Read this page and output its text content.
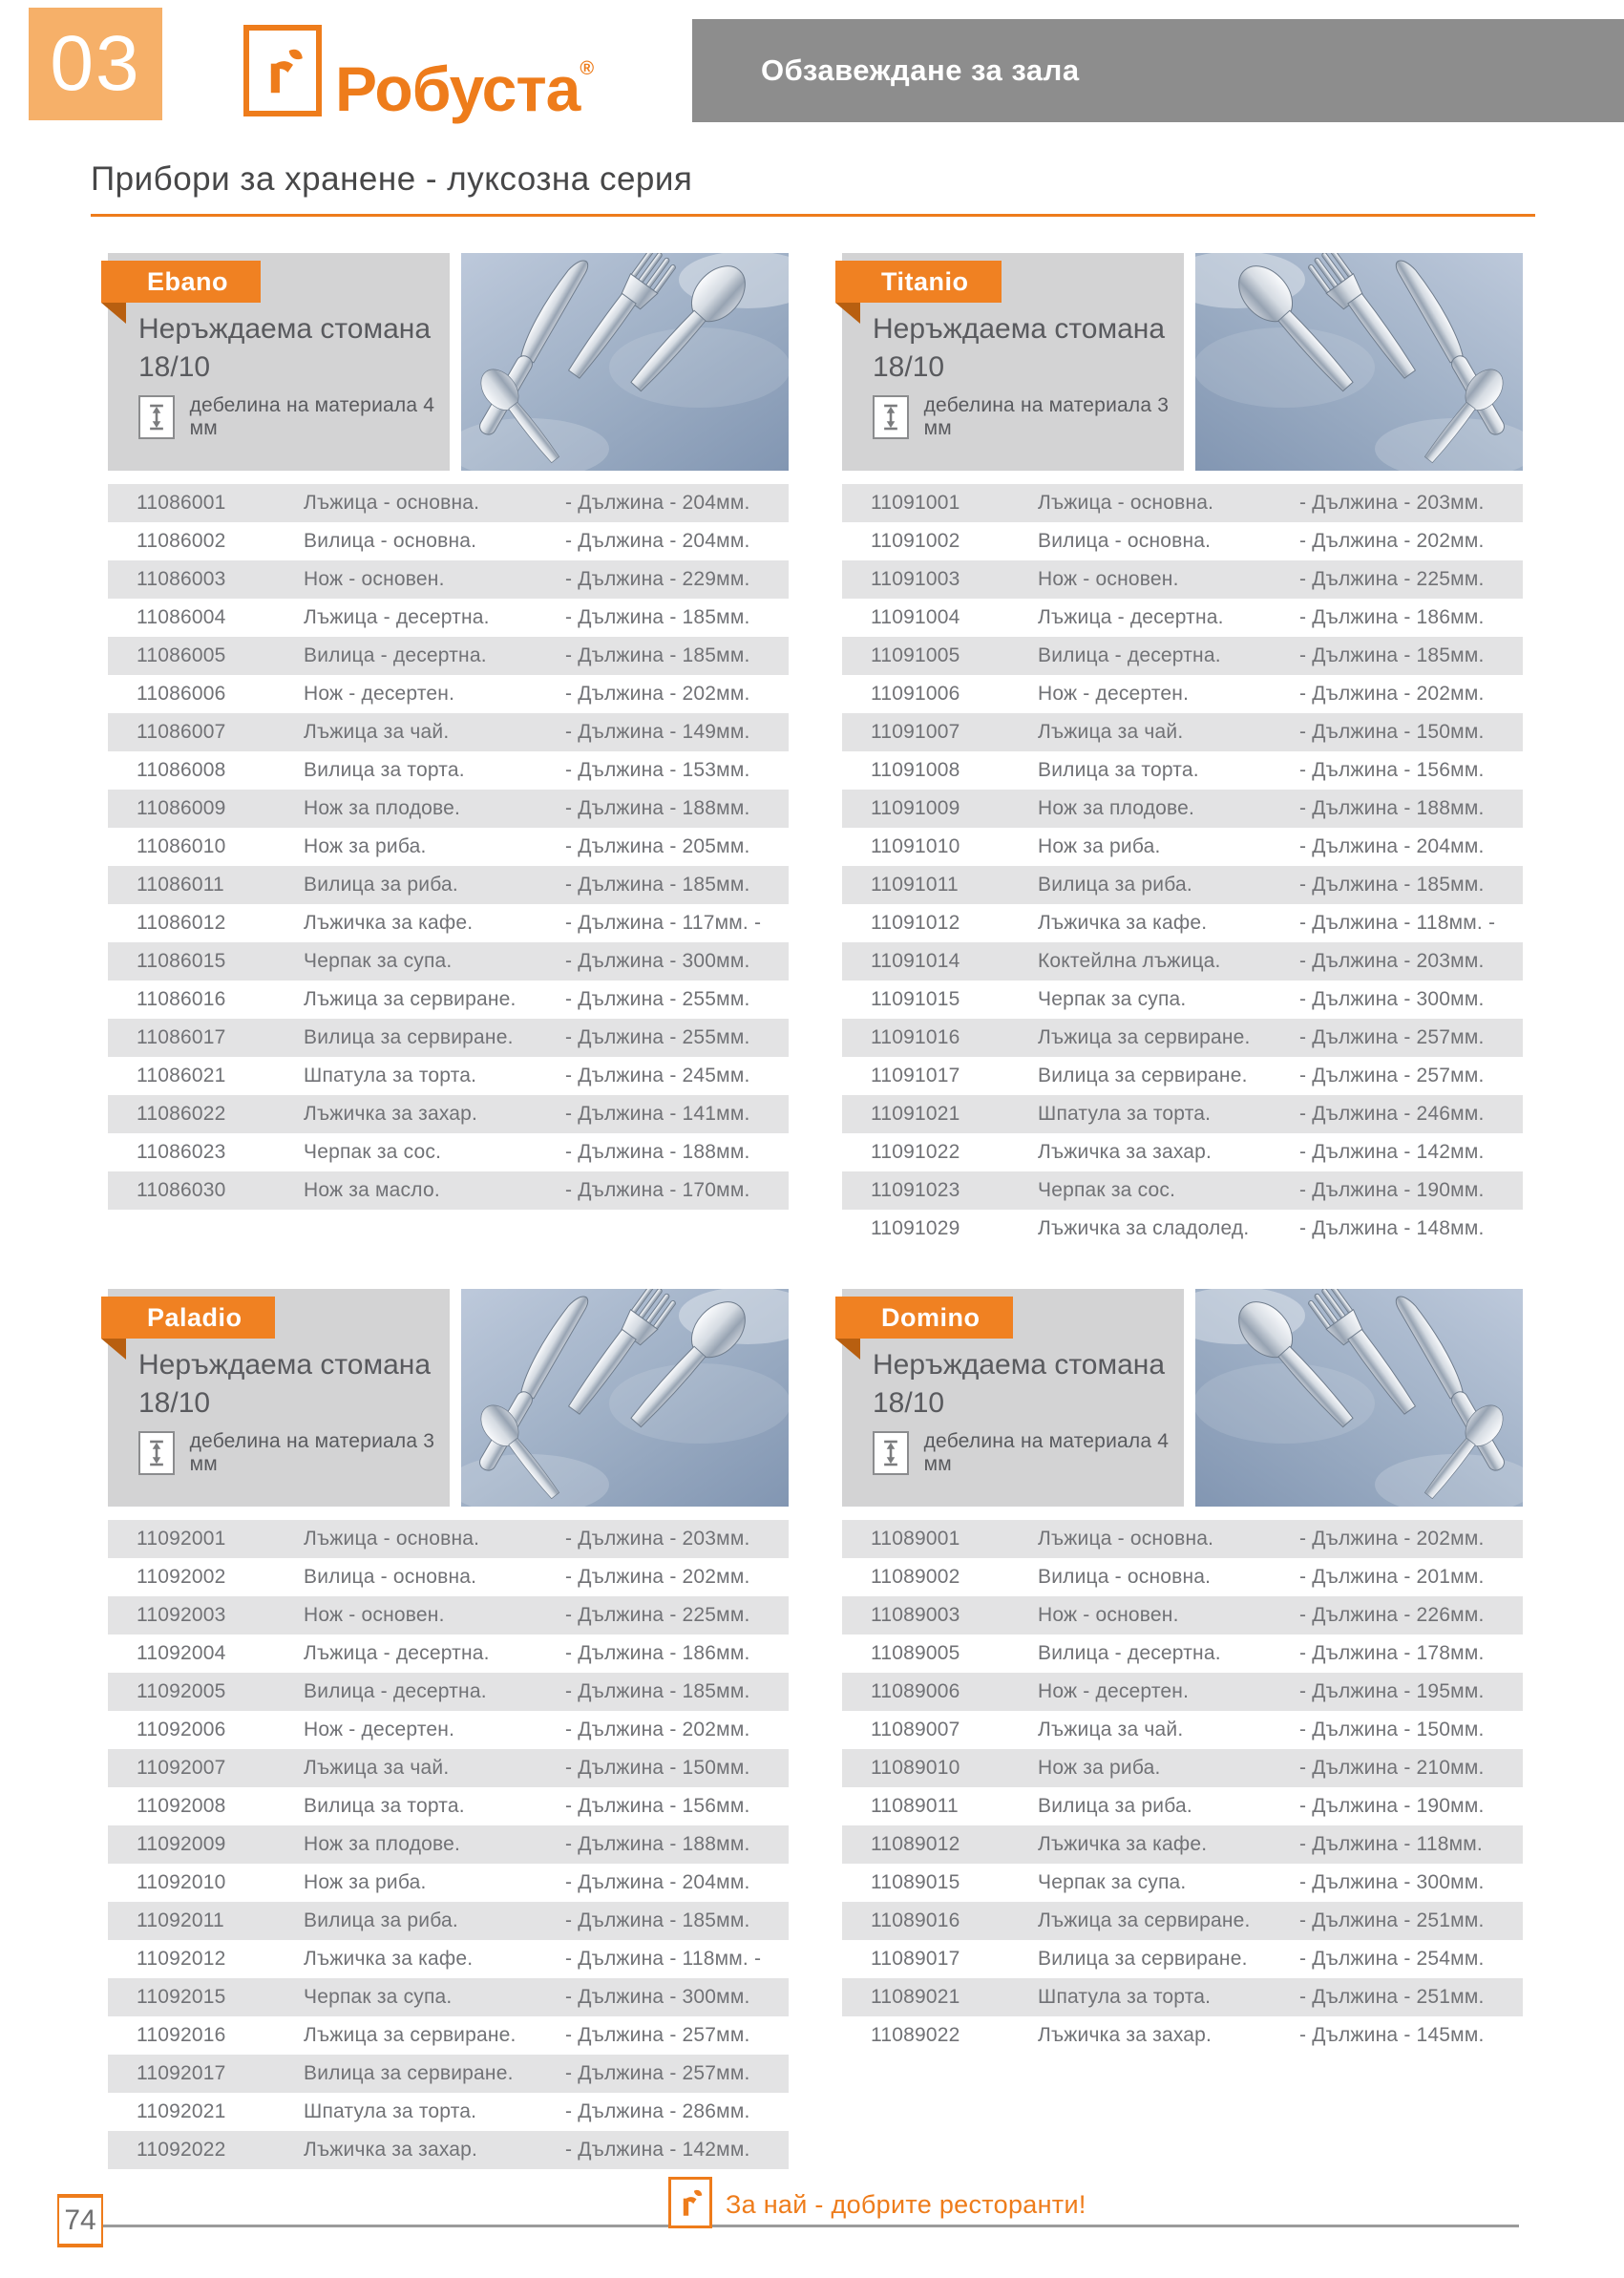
03	Робуста®	Обзавеждане за зала
Прибори за хранене - луксозна серия
Неръждаема стомана
18/10
дебелина на материала 4 мм
Ebano
11086001	Лъжица - основна.	- Дължина - 204мм.
11086002	Вилица - основна.	- Дължина - 204мм.
11086003	Нож - основен.	- Дължина - 229мм.
11086004	Лъжица - десертна.	- Дължина - 185мм.
11086005	Вилица - десертна.	- Дължина - 185мм.
11086006	Нож - десертен.	- Дължина - 202мм.
11086007	Лъжица за чай.	- Дължина - 149мм.
11086008	Вилица за торта.	- Дължина - 153мм.
11086009	Нож за плодове.	- Дължина - 188мм.
11086010	Нож за риба.	- Дължина - 205мм.
11086011	Вилица за риба.	- Дължина - 185мм.
11086012	Лъжичка за кафе.	- Дължина - 117мм. -
11086015	Черпак за супа.	- Дължина - 300мм.
11086016	Лъжица за сервиране.	- Дължина - 255мм.
11086017	Вилица за сервиране.	- Дължина - 255мм.
11086021	Шпатула за торта.	- Дължина - 245мм.
11086022	Лъжичка за захар.	- Дължина - 141мм.
11086023	Черпак за сос.	- Дължина - 188мм.
11086030	Нож за масло.	- Дължина - 170мм.
Неръждаема стомана
18/10
дебелина на материала 3 мм
Titanio
11091001	Лъжица - основна.	- Дължина - 203мм.
11091002	Вилица - основна.	- Дължина - 202мм.
11091003	Нож - основен.	- Дължина - 225мм.
11091004	Лъжица - десертна.	- Дължина - 186мм.
11091005	Вилица - десертна.	- Дължина - 185мм.
11091006	Нож - десертен.	- Дължина - 202мм.
11091007	Лъжица за чай.	- Дължина - 150мм.
11091008	Вилица за торта.	- Дължина - 156мм.
11091009	Нож за плодове.	- Дължина - 188мм.
11091010	Нож за риба.	- Дължина - 204мм.
11091011	Вилица за риба.	- Дължина - 185мм.
11091012	Лъжичка за кафе.	- Дължина - 118мм. -
11091014	Коктейлна лъжица.	- Дължина - 203мм.
11091015	Черпак за супа.	- Дължина - 300мм.
11091016	Лъжица за сервиране.	- Дължина - 257мм.
11091017	Вилица за сервиране.	- Дължина - 257мм.
11091021	Шпатула за торта.	- Дължина - 246мм.
11091022	Лъжичка за захар.	- Дължина - 142мм.
11091023	Черпак за сос.	- Дължина - 190мм.
11091029	Лъжичка за сладолед.	- Дължина - 148мм.
Неръждаема стомана
18/10
дебелина на материала 3 мм
Paladio
11092001	Лъжица - основна.	- Дължина - 203мм.
11092002	Вилица - основна.	- Дължина - 202мм.
11092003	Нож - основен.	- Дължина - 225мм.
11092004	Лъжица - десертна.	- Дължина - 186мм.
11092005	Вилица - десертна.	- Дължина - 185мм.
11092006	Нож - десертен.	- Дължина - 202мм.
11092007	Лъжица за чай.	- Дължина - 150мм.
11092008	Вилица за торта.	- Дължина - 156мм.
11092009	Нож за плодове.	- Дължина - 188мм.
11092010	Нож за риба.	- Дължина - 204мм.
11092011	Вилица за риба.	- Дължина - 185мм.
11092012	Лъжичка за кафе.	- Дължина - 118мм. -
11092015	Черпак за супа.	- Дължина - 300мм.
11092016	Лъжица за сервиране.	- Дължина - 257мм.
11092017	Вилица за сервиране.	- Дължина - 257мм.
11092021	Шпатула за торта.	- Дължина - 286мм.
11092022	Лъжичка за захар.	- Дължина - 142мм.
Неръждаема стомана
18/10
дебелина на материала 4 мм
Domino
11089001	Лъжица - основна.	- Дължина - 202мм.
11089002	Вилица - основна.	- Дължина - 201мм.
11089003	Нож - основен.	- Дължина - 226мм.
11089005	Вилица - десертна.	- Дължина - 178мм.
11089006	Нож - десертен.	- Дължина - 195мм.
11089007	Лъжица за чай.	- Дължина - 150мм.
11089010	Нож за риба.	- Дължина - 210мм.
11089011	Вилица за риба.	- Дължина - 190мм.
11089012	Лъжичка за кафе.	- Дължина - 118мм.
11089015	Черпак за супа.	- Дължина - 300мм.
11089016	Лъжица за сервиране.	- Дължина - 251мм.
11089017	Вилица за сервиране.	- Дължина - 254мм.
11089021	Шпатула за торта.	- Дължина - 251мм.
11089022	Лъжичка за захар.	- Дължина - 145мм.
74	За най - добрите ресторанти!
